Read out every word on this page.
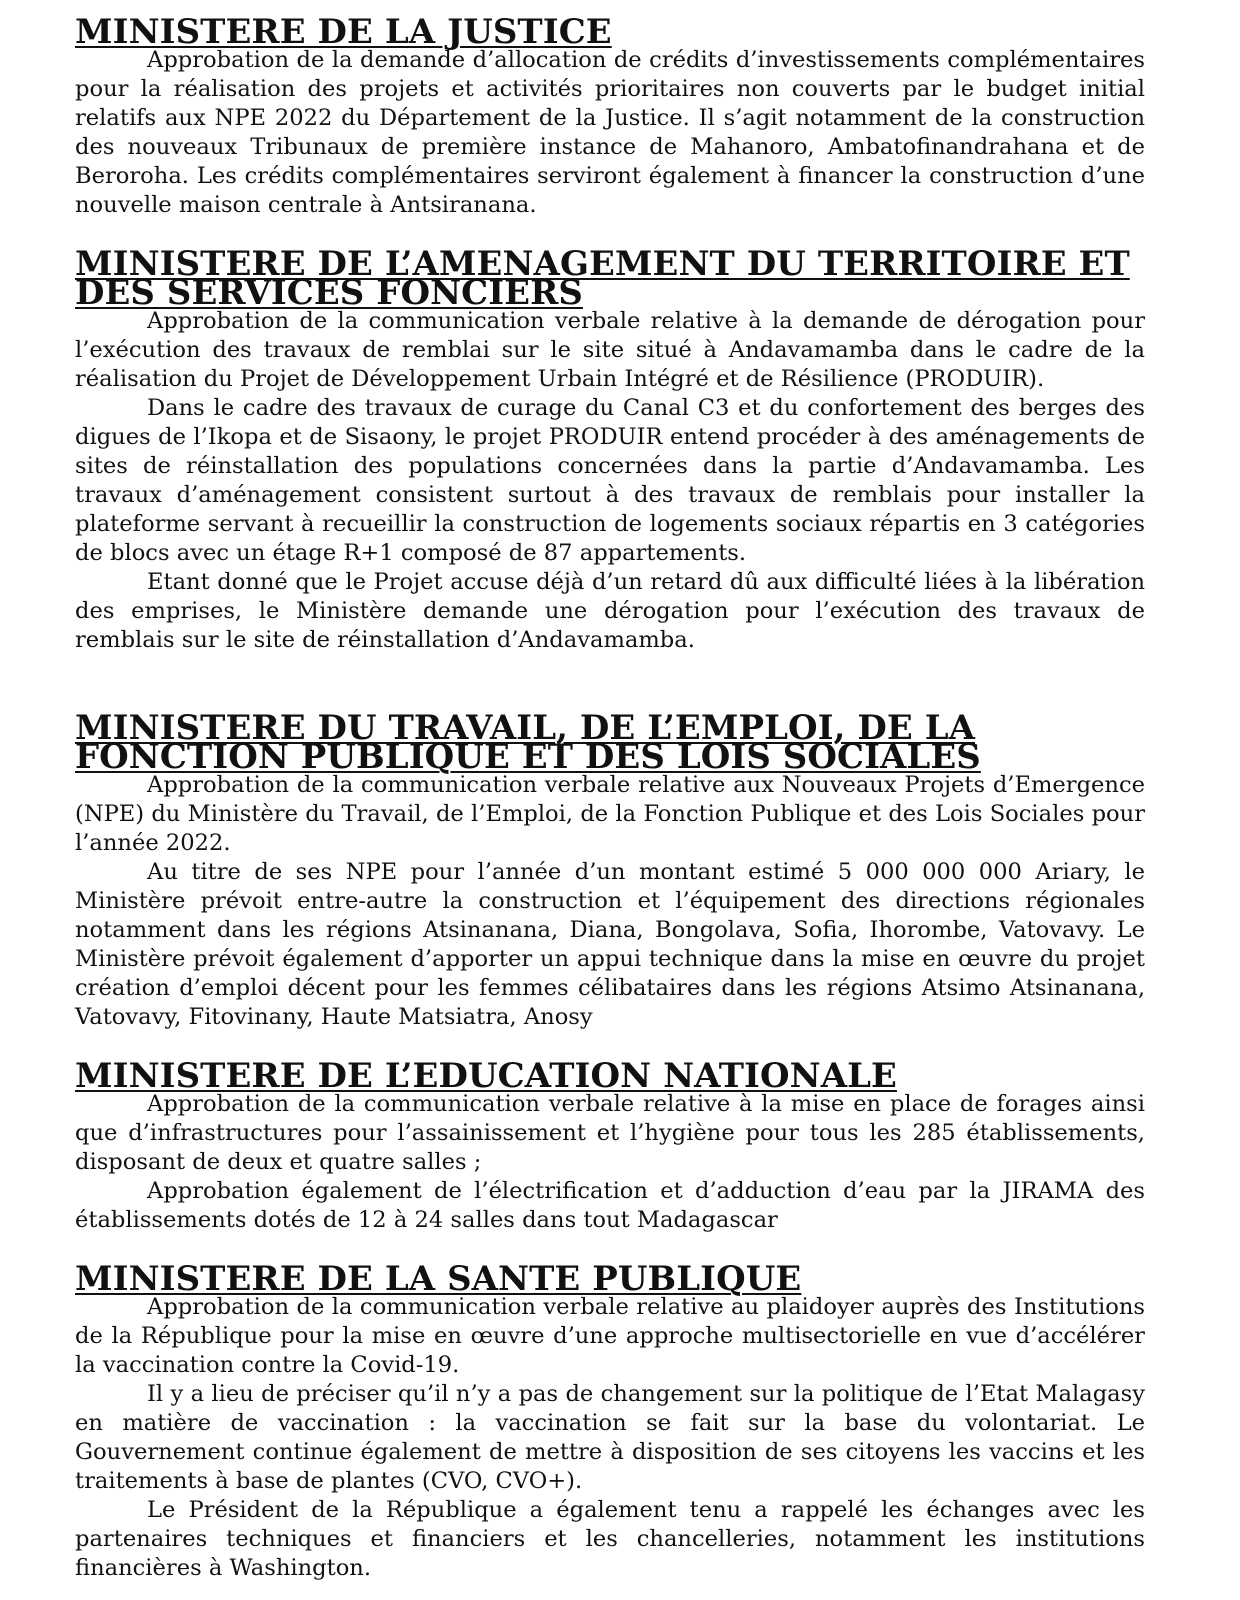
MINISTERE DE LA JUSTICE

Approbation de la demande d’allocation de crédits d’investissements complémentaires pour la réalisation des projets et activités prioritaires non couverts par le budget initial relatifs aux NPE 2022 du Département de la Justice. Il s’agit notamment de la construction des nouveaux Tribunaux de première instance de Mahanoro, Ambatofinandrahana et de Beroroha. Les crédits complémentaires serviront également à financer la construction d’une nouvelle maison centrale à Antsiranana.

MINISTERE DE L’AMENAGEMENT DU TERRITOIRE ET DES SERVICES FONCIERS

Approbation de la communication verbale relative à la demande de dérogation pour l’exécution des travaux de remblai sur le site situé à Andavamamba dans le cadre de la réalisation du Projet de Développement Urbain Intégré et de Résilience (PRODUIR).

Dans le cadre des travaux de curage du Canal C3 et du confortement des berges des digues de l’Ikopa et de Sisaony, le projet PRODUIR entend procéder à des aménagements de sites de réinstallation des populations concernées dans la partie d’Andavamamba. Les travaux d’aménagement consistent surtout à des travaux de remblais pour installer la plateforme servant à recueillir la construction de logements sociaux répartis en 3 catégories de blocs avec un étage R+1 composé de 87 appartements.

Etant donné que le Projet accuse déjà d’un retard dû aux difficulté liées à la libération des emprises, le Ministère demande une dérogation pour l’exécution des travaux de remblais sur le site de réinstallation d’Andavamamba.

MINISTERE DU TRAVAIL, DE L’EMPLOI, DE LA FONCTION PUBLIQUE ET DES LOIS SOCIALES

Approbation de la communication verbale relative aux Nouveaux Projets d’Emergence (NPE) du Ministère du Travail, de l’Emploi, de la Fonction Publique et des Lois Sociales pour l’année 2022.

Au titre de ses NPE pour l’année d’un montant estimé 5 000 000 000 Ariary, le Ministère prévoit entre-autre la construction et l’équipement des directions régionales notamment dans les régions Atsinanana, Diana, Bongolava, Sofia, Ihorombe, Vatovavy. Le Ministère prévoit également d’apporter un appui technique dans la mise en œuvre du projet création d’emploi décent pour les femmes célibataires dans les régions Atsimo Atsinanana, Vatovavy, Fitovinany, Haute Matsiatra, Anosy

MINISTERE DE L’EDUCATION NATIONALE

Approbation de la communication verbale relative à la mise en place de forages ainsi que d’infrastructures pour l’assainissement et l’hygiène pour tous les 285 établissements, disposant de deux et quatre salles ;

Approbation également de l’électrification et d’adduction d’eau par la JIRAMA des établissements dotés de 12 à 24 salles dans tout Madagascar

MINISTERE DE LA SANTE PUBLIQUE

Approbation de la communication verbale relative au plaidoyer auprès des Institutions de la République pour la mise en œuvre d’une approche multisectorielle en vue d’accélérer la vaccination contre la Covid-19.

Il y a lieu de préciser qu’il n’y a pas de changement sur la politique de l’Etat Malagasy en matière de vaccination : la vaccination se fait sur la base du volontariat. Le Gouvernement continue également de mettre à disposition de ses citoyens les vaccins et les traitements à base de plantes (CVO, CVO+).

Le Président de la République a également tenu a rappelé les échanges avec les partenaires techniques et financiers et les chancelleries, notamment les institutions financières à Washington.
